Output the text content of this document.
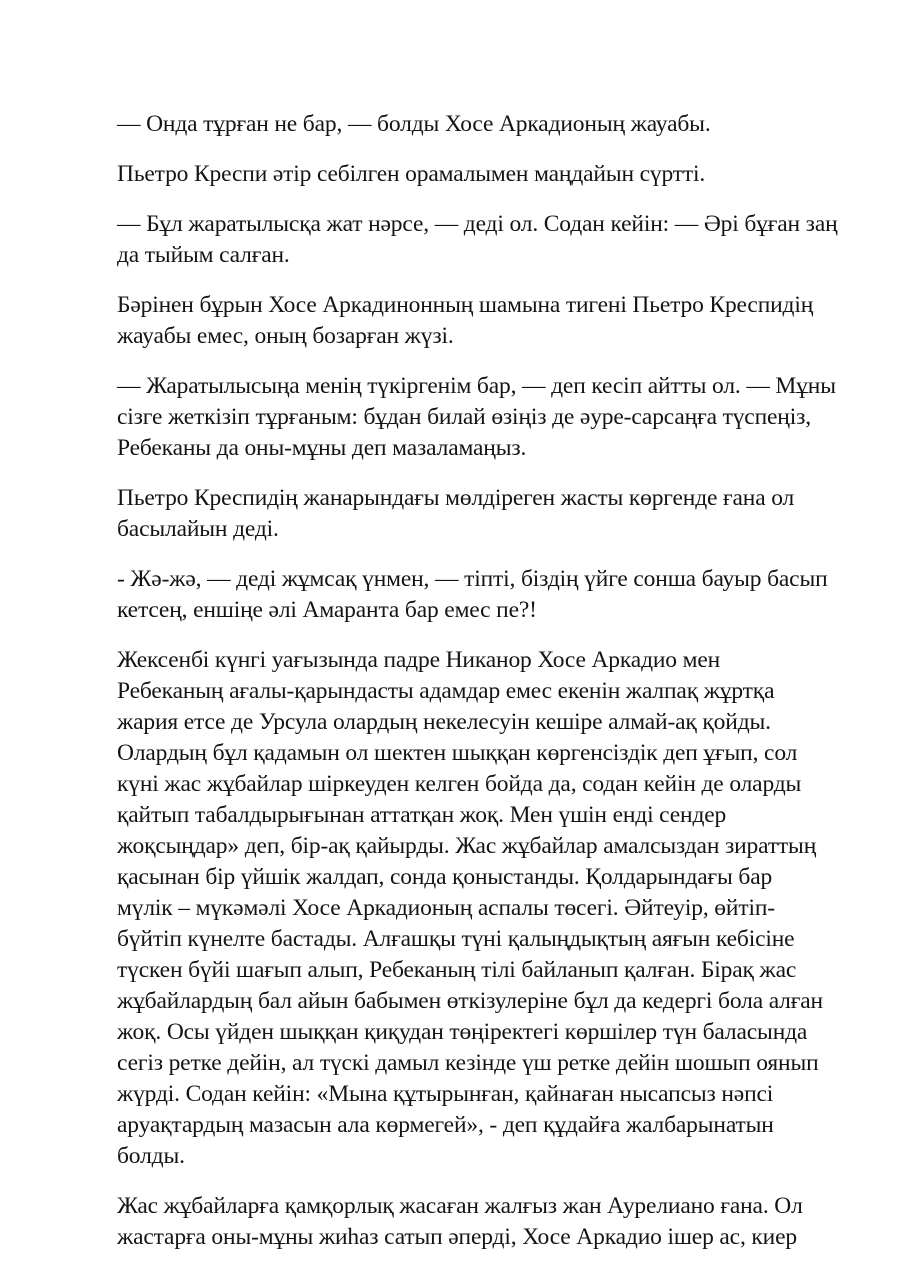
— Онда тұрған не бар, — болды Хосе Аркадионың жауабы.

Пьетро Креспи әтір себілген орамалымен маңдайын сүртті.

— Бұл жаратылысқа жат нәрсе, — деді ол. Содан кейін: — Әрі бұған заң
да тыйым салған.

Бәрінен бұрын Хосе Аркадинонның шамына тигені Пьетро Креспидің
жауабы емес, оның бозарған жүзі.

— Жаратылысыңа менің түкіргенім бар, — деп кесіп айтты ол. — Мұны
сізге жеткізіп тұрғаным: бұдан билай өзіңіз де әуре-сарсаңға түспеңіз,
Ребеканы да оны-мұны деп мазаламаңыз.

Пьетро Креспидің жанарындағы мөлдіреген жасты көргенде ғана ол
басылайын деді.

- Жә-жә, — деді жұмсақ үнмен, — тіпті, біздің үйге сонша бауыр басып
кетсең, еншіңе әлі Амаранта бар емес пе?!

Жексенбі күнгі уағызында падре Никанор Хосе Аркадио мен
Ребеканың ағалы-қарындасты адамдар емес екенін жалпақ жұртқа
жария етсе де Урсула олардың некелесуін кешіре алмай-ақ қойды.
Олардың бұл қадамын ол шектен шыққан көргенсіздік деп ұғып, сол
күні жас жұбайлар шіркеуден келген бойда да, содан кейін де оларды
қайтып табалдырығынан аттатқан жоқ. Мен үшін енді сендер
жоқсыңдар» деп, бір-ақ қайырды. Жас жұбайлар амалсыздан зираттың
қасынан бір үйшік жалдап, сонда қоныстанды. Қолдарындағы бар
мүлік – мүкәмәлі Хосе Аркадионың аспалы төсегі. Әйтеуір, өйтіп-
бүйтіп күнелте бастады. Алғашқы түні қалыңдықтың аяғын кебісіне
түскен бүйі шағып алып, Ребеканың тілі байланып қалған. Бірақ жас
жұбайлардың бал айын бабымен өткізулеріне бұл да кедергі бола алған
жоқ. Осы үйден шыққан қиқудан төңіректегі көршілер түн баласында
сегіз ретке дейін, ал түскі дамыл кезінде үш ретке дейін шошып оянып
жүрді. Содан кейін: «Мына құтырынған, қайнаған нысапсыз нәпсі
аруақтардың мазасын ала көрмегей», - деп құдайға жалбарынатын
болды.

Жас жұбайларға қамқорлық жасаған жалғыз жан Аурелиано ғана. Ол
жастарға оны-мұны жиһаз сатып әперді, Хосе Аркадио ішер ас, киер
